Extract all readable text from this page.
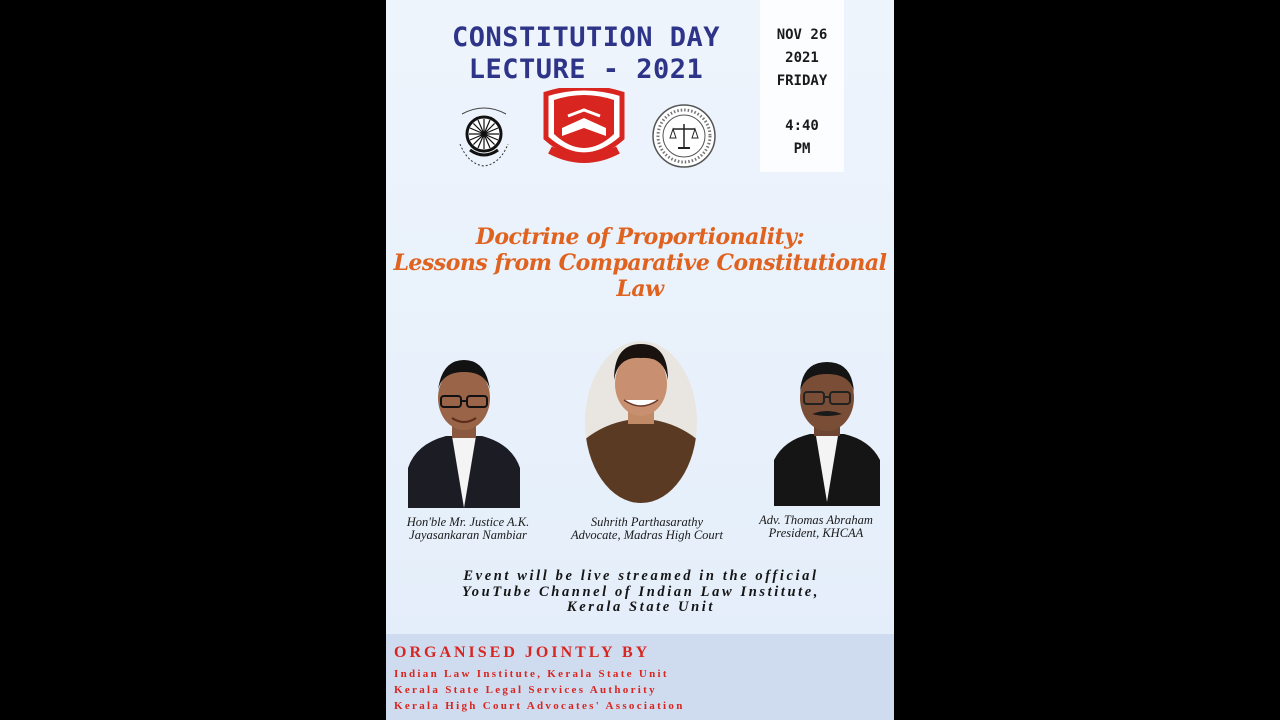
CONSTITUTION DAY
LECTURE - 2021
NOV 26
2021
FRIDAY
4:40
PM
Doctrine of Proportionality:
Lessons from Comparative Constitutional
Law
Hon'ble Mr. Justice A.K.
Jayasankaran Nambiar
Suhrith Parthasarathy
Advocate, Madras High Court
Adv. Thomas Abraham
President, KHCAA
Event will be live streamed in the official
YouTube Channel of Indian Law Institute,
Kerala State Unit
ORGANISED JOINTLY BY
Indian Law Institute, Kerala State Unit
Kerala State Legal Services Authority
Kerala High Court Advocates' Association
